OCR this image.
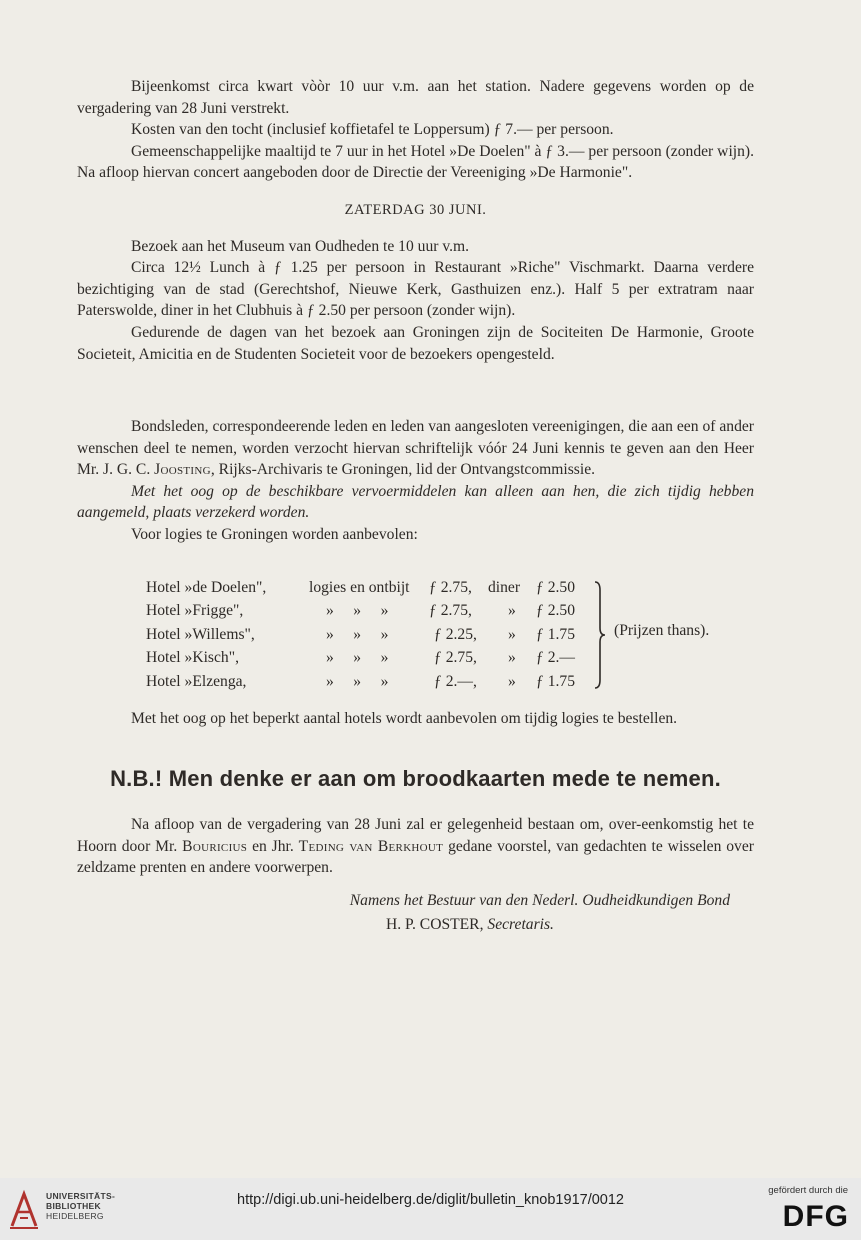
Bijeenkomst circa kwart vòòr 10 uur v.m. aan het station. Nadere gegevens worden op de vergadering van 28 Juni verstrekt.

Kosten van den tocht (inclusief koffietafel te Loppersum) ƒ 7.— per persoon.

Gemeenschappelijke maaltijd te 7 uur in het Hotel »De Doelen" à ƒ 3.— per persoon (zonder wijn). Na afloop hiervan concert aangeboden door de Directie der Vereeniging »De Harmonie".

ZATERDAG 30 JUNI.

Bezoek aan het Museum van Oudheden te 10 uur v.m.

Circa 12½ Lunch à ƒ 1.25 per persoon in Restaurant »Riche" Vischmarkt. Daarna verdere bezichtiging van de stad (Gerechtshof, Nieuwe Kerk, Gasthuizen enz.). Half 5 per extratram naar Paterswolde, diner in het Clubhuis à ƒ 2.50 per persoon (zonder wijn).

Gedurende de dagen van het bezoek aan Groningen zijn de Sociteiten De Harmonie, Groote Societeit, Amicitia en de Studenten Societeit voor de bezoekers opengesteld.

Bondsleden, correspondeerende leden en leden van aangesloten vereenigingen, die aan een of ander wenschen deel te nemen, worden verzocht hiervan schriftelijk vóór 24 Juni kennis te geven aan den Heer Mr. J. G. C. Joosting, Rijks-Archivaris te Groningen, lid der Ontvangstcommissie.

Met het oog op de beschikbare vervoermiddelen kan alleen aan hen, die zich tijdig hebben aangemeld, plaats verzekerd worden.

Voor logies te Groningen worden aanbevolen:

Hotel »de Doelen",	logies en ontbijt ƒ 2.75, diner ƒ 2.50
Hotel »Frigge",	»     »     »	ƒ 2.75, » ƒ 2.50
Hotel »Willems",	»     »     »	ƒ 2.25, » ƒ 1.75
Hotel »Kisch",	»     »     »	ƒ 2.75, » ƒ 2.—
Hotel »Elzenga,	»     »     »	ƒ 2.—, » ƒ 1.75
(Prijzen thans).

Met het oog op het beperkt aantal hotels wordt aanbevolen om tijdig logies te bestellen.

N.B.! Men denke er aan om broodkaarten mede te nemen.

Na afloop van de vergadering van 28 Juni zal er gelegenheid bestaan om, over-eenkomstig het te Hoorn door Mr. Bouricius en Jhr. Teding van Berkhout gedane voorstel, van gedachten te wisselen over zeldzame prenten en andere voorwerpen.

Namens het Bestuur van den Nederl. Oudheidkundigen Bond

H. P. COSTER, Secretaris.

UNIVERSITÄTS-
BIBLIOTHEK
HEIDELBERG
http://digi.ub.uni-heidelberg.de/diglit/bulletin_knob1917/0012
gefördert durch die
DFG
